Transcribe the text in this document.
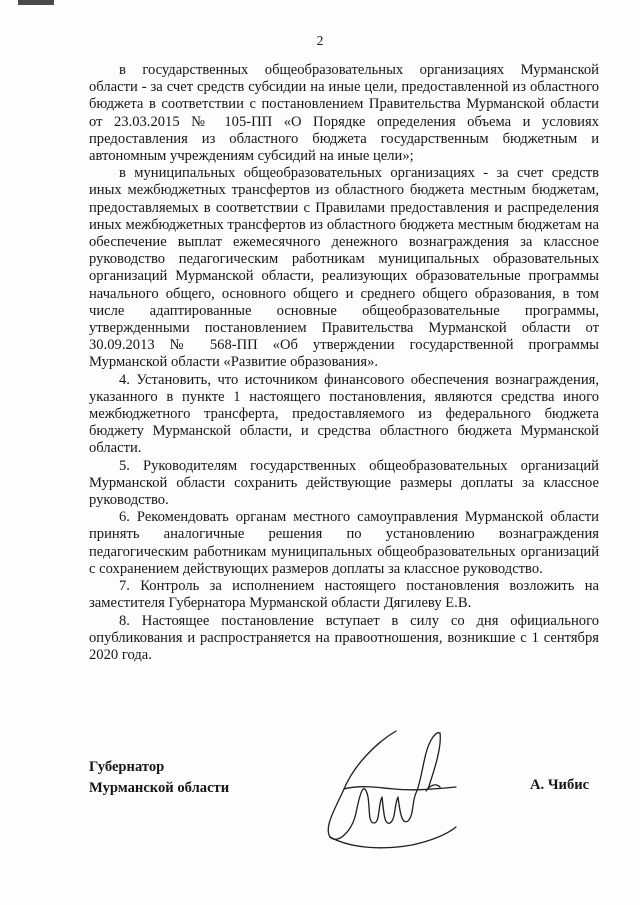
2

в государственных общеобразовательных организациях Мурманской области - за счет средств субсидии на иные цели, предоставленной из областного бюджета в соответствии с постановлением Правительства Мурманской области от 23.03.2015 № 105-ПП «О Порядке определения объема и условиях предоставления из областного бюджета государственным бюджетным и автономным учреждениям субсидий на иные цели»;

в муниципальных общеобразовательных организациях - за счет средств иных межбюджетных трансфертов из областного бюджета местным бюджетам, предоставляемых в соответствии с Правилами предоставления и распределения иных межбюджетных трансфертов из областного бюджета местным бюджетам на обеспечение выплат ежемесячного денежного вознаграждения за классное руководство педагогическим работникам муниципальных образовательных организаций Мурманской области, реализующих образовательные программы начального общего, основного общего и среднего общего образования, в том числе адаптированные основные общеобразовательные программы, утвержденными постановлением Правительства Мурманской области от 30.09.2013 № 568-ПП «Об утверждении государственной программы Мурманской области «Развитие образования».

4. Установить, что источником финансового обеспечения вознаграждения, указанного в пункте 1 настоящего постановления, являются средства иного межбюджетного трансферта, предоставляемого из федерального бюджета бюджету Мурманской области, и средства областного бюджета Мурманской области.

5. Руководителям государственных общеобразовательных организаций Мурманской области сохранить действующие размеры доплаты за классное руководство.

6. Рекомендовать органам местного самоуправления Мурманской области принять аналогичные решения по установлению вознаграждения педагогическим работникам муниципальных общеобразовательных организаций с сохранением действующих размеров доплаты за классное руководство.

7. Контроль за исполнением настоящего постановления возложить на заместителя Губернатора Мурманской области Дягилеву Е.В.

8. Настоящее постановление вступает в силу со дня официального опубликования и распространяется на правоотношения, возникшие с 1 сентября 2020 года.

Губернатор
Мурманской области	А. Чибис
